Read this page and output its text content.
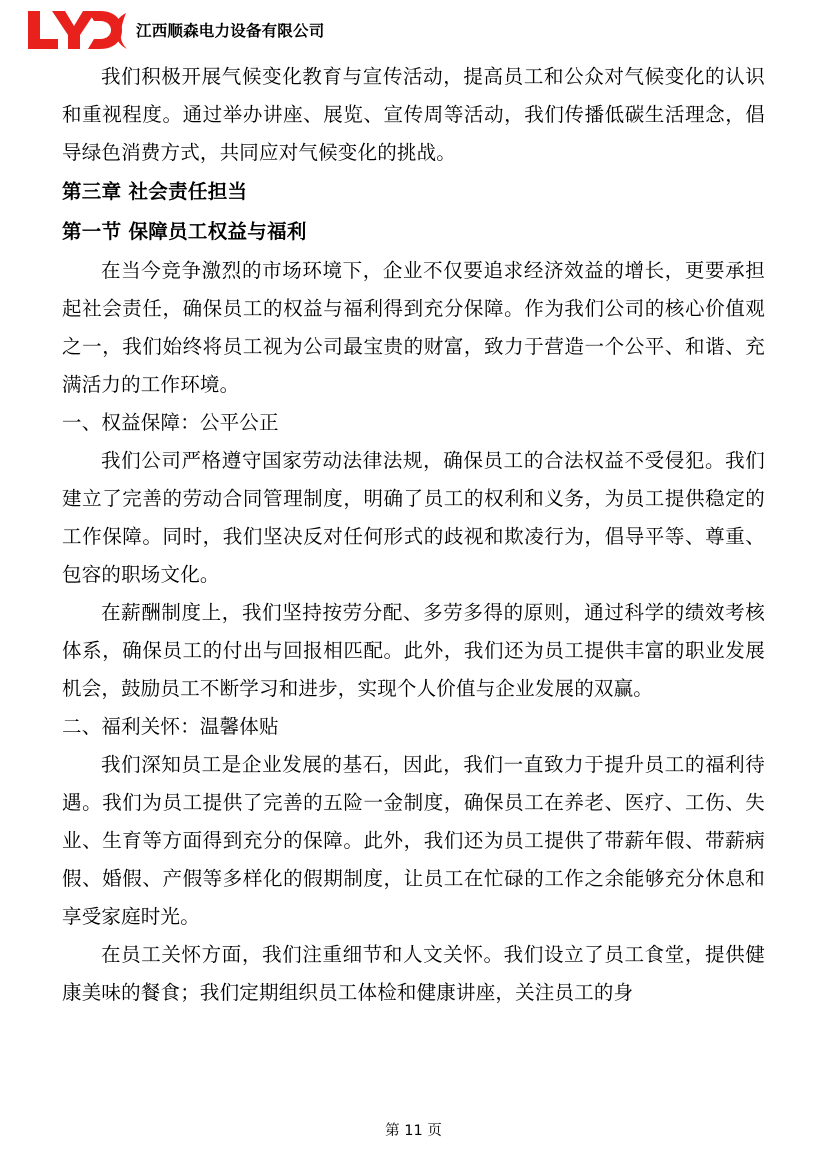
江西顺森电力设备有限公司

我们积极开展气候变化教育与宣传活动，提高员工和公众对气候变化的认识和重视程度。通过举办讲座、展览、宣传周等活动，我们传播低碳生活理念，倡导绿色消费方式，共同应对气候变化的挑战。

第三章 社会责任担当
第一节 保障员工权益与福利

在当今竞争激烈的市场环境下，企业不仅要追求经济效益的增长，更要承担起社会责任，确保员工的权益与福利得到充分保障。作为我们公司的核心价值观之一，我们始终将员工视为公司最宝贵的财富，致力于营造一个公平、和谐、充满活力的工作环境。

一、权益保障：公平公正

我们公司严格遵守国家劳动法律法规，确保员工的合法权益不受侵犯。我们建立了完善的劳动合同管理制度，明确了员工的权利和义务，为员工提供稳定的工作保障。同时，我们坚决反对任何形式的歧视和欺凌行为，倡导平等、尊重、包容的职场文化。

在薪酬制度上，我们坚持按劳分配、多劳多得的原则，通过科学的绩效考核体系，确保员工的付出与回报相匹配。此外，我们还为员工提供丰富的职业发展机会，鼓励员工不断学习和进步，实现个人价值与企业发展的双赢。

二、福利关怀：温馨体贴

我们深知员工是企业发展的基石，因此，我们一直致力于提升员工的福利待遇。我们为员工提供了完善的五险一金制度，确保员工在养老、医疗、工伤、失业、生育等方面得到充分的保障。此外，我们还为员工提供了带薪年假、带薪病假、婚假、产假等多样化的假期制度，让员工在忙碌的工作之余能够充分休息和享受家庭时光。

在员工关怀方面，我们注重细节和人文关怀。我们设立了员工食堂，提供健康美味的餐食；我们定期组织员工体检和健康讲座，关注员工的身

第 11 页
